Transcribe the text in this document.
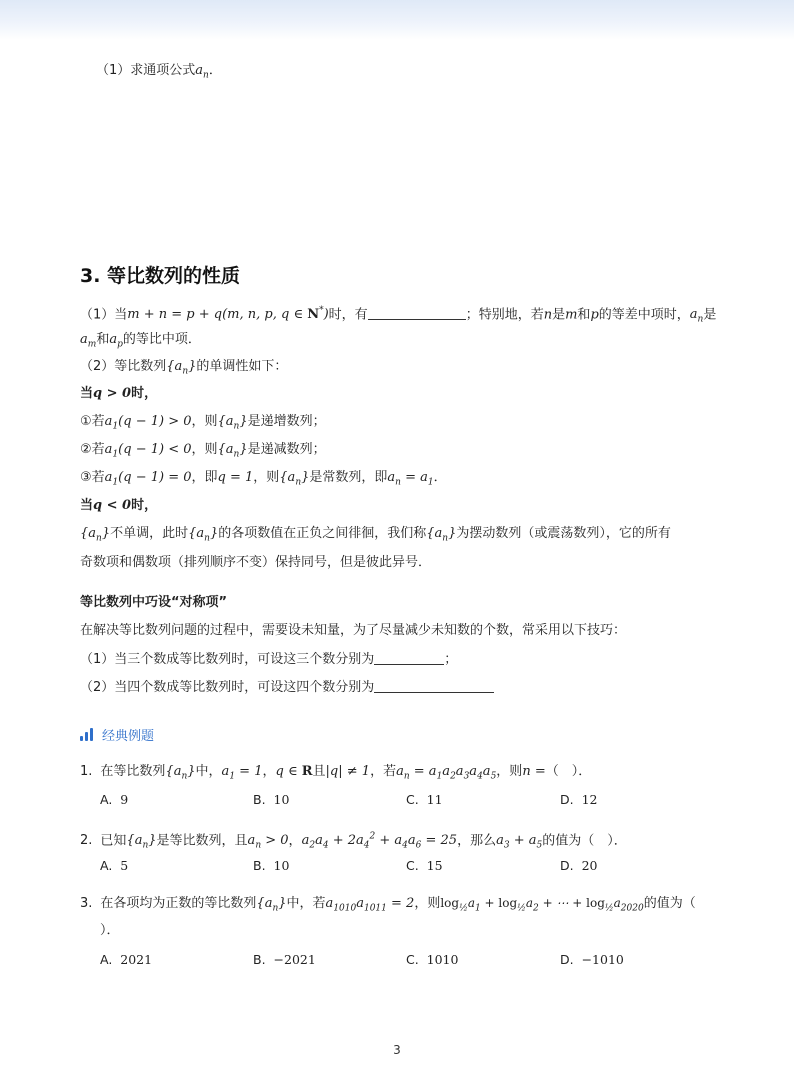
（1）求通项公式$a_n$．
3. 等比数列的性质
（1）当m + n = p + q(m, n, p, q ∈ N*)时，有	；特别地，若n是m和p的等差中项时，$a_n$是
$a_m$和$a_p$的等比中项．
（2）等比数列$\{a_n\}$的单调性如下：
当q > 0时，
①若$a_1(q - 1) > 0$，则$\{a_n\}$是递增数列；
②若$a_1(q - 1) < 0$，则$\{a_n\}$是递减数列；
③若$a_1(q - 1) = 0$，即q = 1，则$\{a_n\}$是常数列，即$a_n = a_1$．
当q < 0时，
$\{a_n\}$不单调，此时$\{a_n\}$的各项数值在正负之间徘徊，我们称$\{a_n\}$为摆动数列（或震荡数列），它的所有
奇数项和偶数项（排列顺序不变）保持同号，但是彼此异号．
等比数列中巧设“对称项”
在解决等比数列问题的过程中，需要设未知量，为了尽量减少未知数的个数，常采用以下技巧：
（1）当三个数成等比数列时，可设这三个数分别为	；
（2）当四个数成等比数列时，可设这四个数分别为
经典例题
1. 在等比数列$\{a_n\}$中，$a_1 = 1$，q ∈ R且|q| ≠ 1，若$a_n = a_1a_2a_3a_4a_5$，则n =（　）．
A. 9	B. 10	C. 11	D. 12
2. 已知$\{a_n\}$是等比数列，且$a_n > 0$，$a_2a_4 + 2a_4^2 + a_4a_6 = 25$，那么$a_3 + a_5$的值为（　）．
A. 5	B. 10	C. 15	D. 20
3. 在各项均为正数的等比数列$\{a_n\}$中，若$a_{1010}a_{1011} = 2$，则$\log_{\frac{1}{2}}a_1 + \log_{\frac{1}{2}}a_2$ + ⋯ + $\log_{\frac{1}{2}}a_{2020}$的值为（
）．
A. 2021	B. −2021	C. 1010	D. −1010
3
